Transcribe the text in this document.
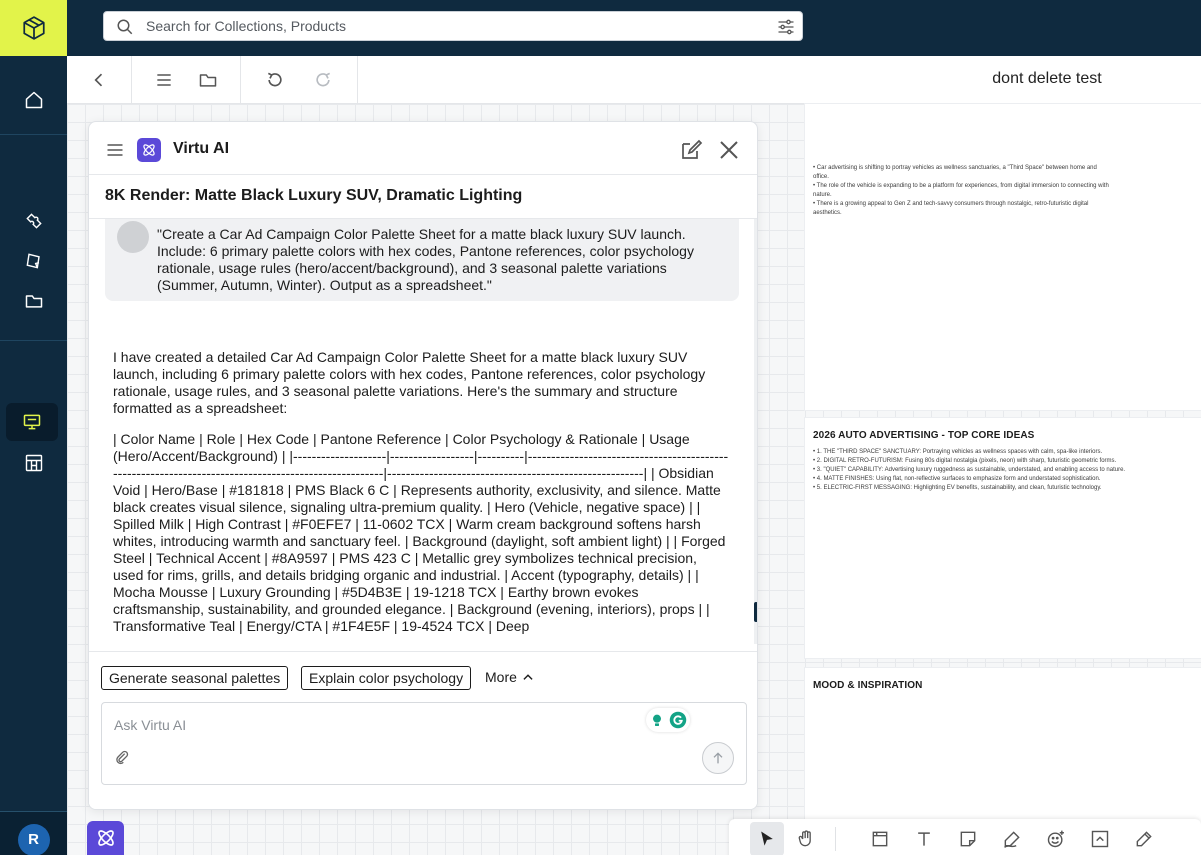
R
Search for Collections, Products
dont delete test
• Car advertising is shifting to portray vehicles as wellness sanctuaries, a "Third Space" between home and office.
• The role of the vehicle is expanding to be a platform for experiences, from digital immersion to connecting with nature.
• There is a growing appeal to Gen Z and tech-savvy consumers through nostalgic, retro-futuristic digital aesthetics.
2026 AUTO ADVERTISING - TOP CORE IDEAS
• 1. THE "THIRD SPACE" SANCTUARY: Portraying vehicles as wellness spaces with calm, spa-like interiors.
• 2. DIGITAL RETRO-FUTURISM: Fusing 80s digital nostalgia (pixels, neon) with sharp, futuristic geometric forms.
• 3. "QUIET" CAPABILITY: Advertising luxury ruggedness as sustainable, understated, and enabling access to nature.
• 4. MATTE FINISHES: Using flat, non-reflective surfaces to emphasize form and understated sophistication.
• 5. ELECTRIC-FIRST MESSAGING: Highlighting EV benefits, sustainability, and clean, futuristic technology.
MOOD & INSPIRATION
Virtu AI
8K Render: Matte Black Luxury SUV, Dramatic Lighting
"Create a Car Ad Campaign Color Palette Sheet for a matte black luxury SUV launch. Include: 6 primary palette colors with hex codes, Pantone references, color psychology rationale, usage rules (hero/accent/background), and 3 seasonal palette variations (Summer, Autumn, Winter). Output as a spreadsheet."

I have created a detailed Car Ad Campaign Color Palette Sheet for a matte black luxury SUV launch, including 6 primary palette colors with hex codes, Pantone references, color psychology rationale, usage rules, and 3 seasonal palette variations. Here's the summary and structure formatted as a spreadsheet:

| Color Name | Role | Hex Code | Pantone Reference | Color Psychology & Rationale | Usage (Hero/Accent/Background) | |--------------------|------------------|----------|-----------------------------------------------------------------------------------------------------|-------------------------------------------------------| | Obsidian Void | Hero/Base | #181818 | PMS Black 6 C | Represents authority, exclusivity, and silence. Matte black creates visual silence, signaling ultra-premium quality. | Hero (Vehicle, negative space) | | Spilled Milk | High Contrast | #F0EFE7 | 11-0602 TCX | Warm cream background softens harsh whites, introducing warmth and sanctuary feel. | Background (daylight, soft ambient light) | | Forged Steel | Technical Accent | #8A9597 | PMS 423 C | Metallic grey symbolizes technical precision, used for rims, grills, and details bridging organic and industrial. | Accent (typography, details) | | Mocha Mousse | Luxury Grounding | #5D4B3E | 19-1218 TCX | Earthy brown evokes craftsmanship, sustainability, and grounded elegance. | Background (evening, interiors), props | | Transformative Teal | Energy/CTA | #1F4E5F | 19-4524 TCX | Deep

Generate seasonal palettes	Explain color psychology	More
Ask Virtu AI
